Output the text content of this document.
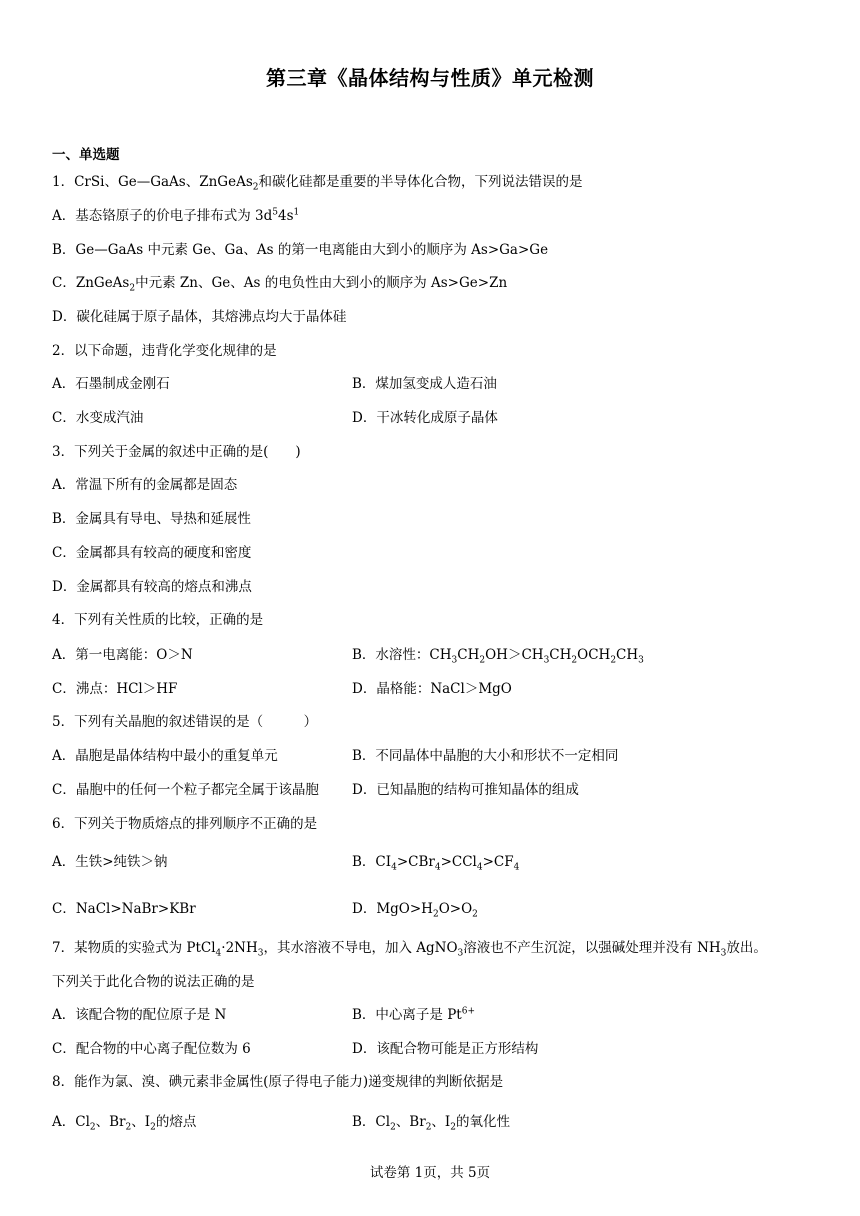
第三章《晶体结构与性质》单元检测
一、单选题
1．CrSi、Ge—GaAs、ZnGeAs$_2$和碳化硅都是重要的半导体化合物，下列说法错误的是
A．基态铬原子的价电子排布式为 $3d^54s^1$
B．Ge—GaAs 中元素 Ge、Ga、As 的第一电离能由大到小的顺序为 As>Ga>Ge
C．ZnGeAs$_2$中元素 Zn、Ge、As 的电负性由大到小的顺序为 As>Ge>Zn
D．碳化硅属于原子晶体，其熔沸点均大于晶体硅
2．以下命题，违背化学变化规律的是
A．石墨制成金刚石	B．煤加氢变成人造石油
C．水变成汽油	D．干冰转化成原子晶体
3．下列关于金属的叙述中正确的是(　　)
A．常温下所有的金属都是固态
B．金属具有导电、导热和延展性
C．金属都具有较高的硬度和密度
D．金属都具有较高的熔点和沸点
4．下列有关性质的比较，正确的是
A．第一电离能：O＞N	B．水溶性：$CH_3CH_2OH>CH_3CH_2OCH_2CH_3$
C．沸点：HCl＞HF	D．晶格能：NaCl＞MgO
5．下列有关晶胞的叙述错误的是（　　　）
A．晶胞是晶体结构中最小的重复单元	B．不同晶体中晶胞的大小和形状不一定相同
C．晶胞中的任何一个粒子都完全属于该晶胞 D．已知晶胞的结构可推知晶体的组成
6．下列关于物质熔点的排列顺序不正确的是
A．生铁>纯铁＞钠	B．$CI_4>CBr_4>CCl_4>CF_4$
C．NaCl>NaBr>KBr	D．$MgO>H_2O>O_2$
7．某物质的实验式为 $PtCl_4\cdot 2NH_3$，其水溶液不导电，加入 AgNO$_3$溶液也不产生沉淀，以强碱处理并没有 $NH_3$放出。
下列关于此化合物的说法正确的是
A．该配合物的配位原子是 N	B．中心离子是 $Pt^{6+}$
C．配合物的中心离子配位数为 6	D．该配合物可能是正方形结构
8．能作为氯、溴、碘元素非金属性(原子得电子能力)递变规律的判断依据是
A．$Cl_2$、$Br_2$、$I_2$的熔点	B．$Cl_2$、$Br_2$、$I_2$的氧化性
试卷第 1页，共 5页
